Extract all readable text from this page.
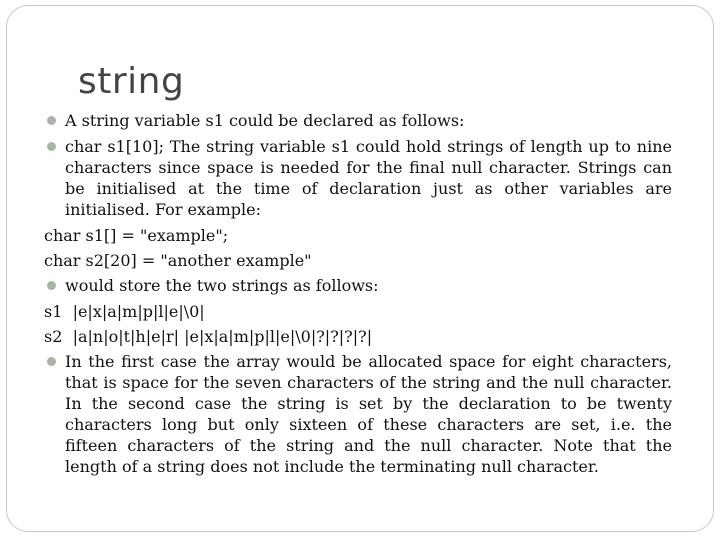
string
A string variable s1 could be declared as follows:
char s1[10]; The string variable s1 could hold strings of length up to nine characters since space is needed for the final null character. Strings can be initialised at the time of declaration just as other variables are initialised. For example:
char s1[] = "example";
char s2[20] = "another example"
would store the two strings as follows:
s1  |e|x|a|m|p|l|e|\0|
s2  |a|n|o|t|h|e|r| |e|x|a|m|p|l|e|\0|?|?|?|?|
In the first case the array would be allocated space for eight characters, that is space for the seven characters of the string and the null character. In the second case the string is set by the declaration to be twenty characters long but only sixteen of these characters are set, i.e. the fifteen characters of the string and the null character. Note that the length of a string does not include the terminating null character.
